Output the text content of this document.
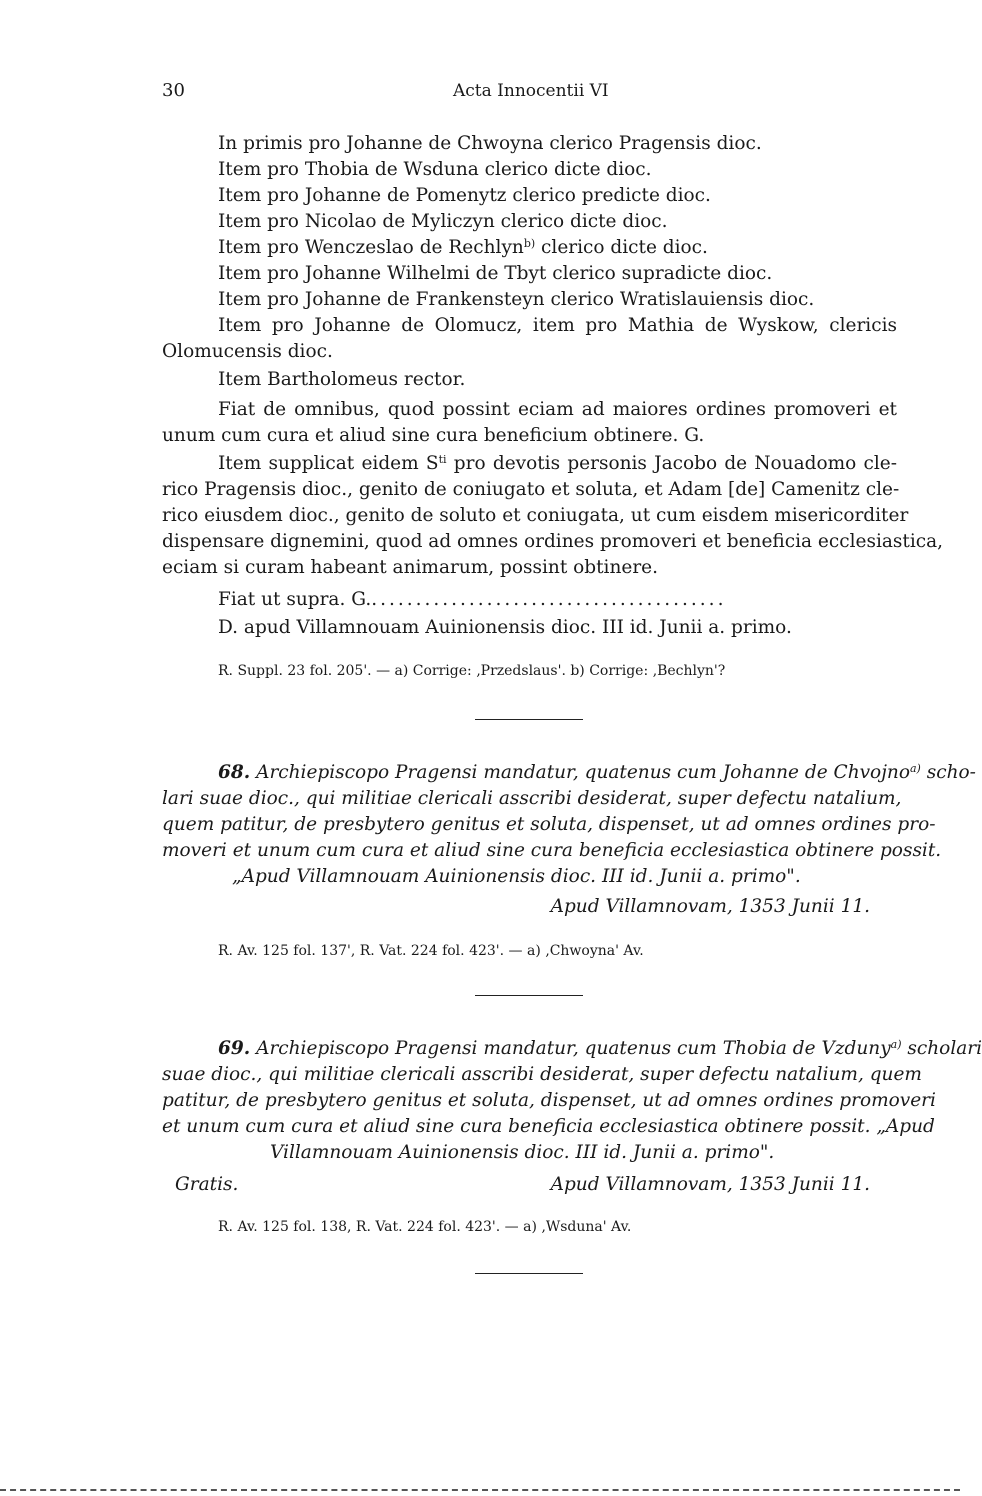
30	Acta Innocentii VI
In primis pro Johanne de Chwoyna clerico Pragensis dioc.
Item pro Thobia de Wsduna clerico dicte dioc.
Item pro Johanne de Pomenytz clerico predicte dioc.
Item pro Nicolao de Myliczyn clerico dicte dioc.
Item pro Wenczeslao de Rechlyn$^{b)}$ clerico dicte dioc.
Item pro Johanne Wilhelmi de Tbyt clerico supradicte dioc.
Item pro Johanne de Frankensteyn clerico Wratislauiensis dioc.
Item pro Johanne de Olomucz, item pro Mathia de Wyskow, clericis
Olomucensis dioc.
Item Bartholomeus rector.
Fiat de omnibus, quod possint eciam ad maiores ordines promoveri et
unum cum cura et aliud sine cura beneficium obtinere. G.
Item supplicat eidem $S^{ti}$ pro devotis personis Jacobo de Nouadomo cle-
rico Pragensis dioc., genito de coniugato et soluta, et Adam [de] Camenitz cle-
rico eiusdem dioc., genito de soluto et coniugata, ut cum eisdem misericorditer
dispensare dignemini, quod ad omnes ordines promoveri et beneficia ecclesiastica,
eciam si curam habeant animarum, possint obtinere.
Fiat ut supra. G.........................................
D. apud Villamnouam Auinionensis dioc. III id. Junii a. primo.
R. Suppl. 23 fol. 205'. — a) Corrige: ‚Przedslaus'. b) Corrige: ‚Bechlyn'?
68. Archiepiscopo Pragensi mandatur, quatenus cum Johanne de Chvojno$^{a)}$ scho-
lari suae dioc., qui militiae clericali asscribi desiderat, super defectu natalium,
quem patitur, de presbytero genitus et soluta, dispenset, ut ad omnes ordines pro-
moveri et unum cum cura et aliud sine cura beneficia ecclesiastica obtinere possit.
„Apud Villamnouam Auinionensis dioc. III id. Junii a. primo".
Apud Villamnovam, 1353 Junii 11.
R. Av. 125 fol. 137', R. Vat. 224 fol. 423'. — a) ‚Chwoyna' Av.
69. Archiepiscopo Pragensi mandatur, quatenus cum Thobia de Vzduny$^{a)}$ scholari
suae dioc., qui militiae clericali asscribi desiderat, super defectu natalium, quem
patitur, de presbytero genitus et soluta, dispenset, ut ad omnes ordines promoveri
et unum cum cura et aliud sine cura beneficia ecclesiastica obtinere possit. „Apud
Villamnouam Auinionensis dioc. III id. Junii a. primo".
Gratis.	Apud Villamnovam, 1353 Junii 11.
R. Av. 125 fol. 138, R. Vat. 224 fol. 423'. — a) ‚Wsduna' Av.
